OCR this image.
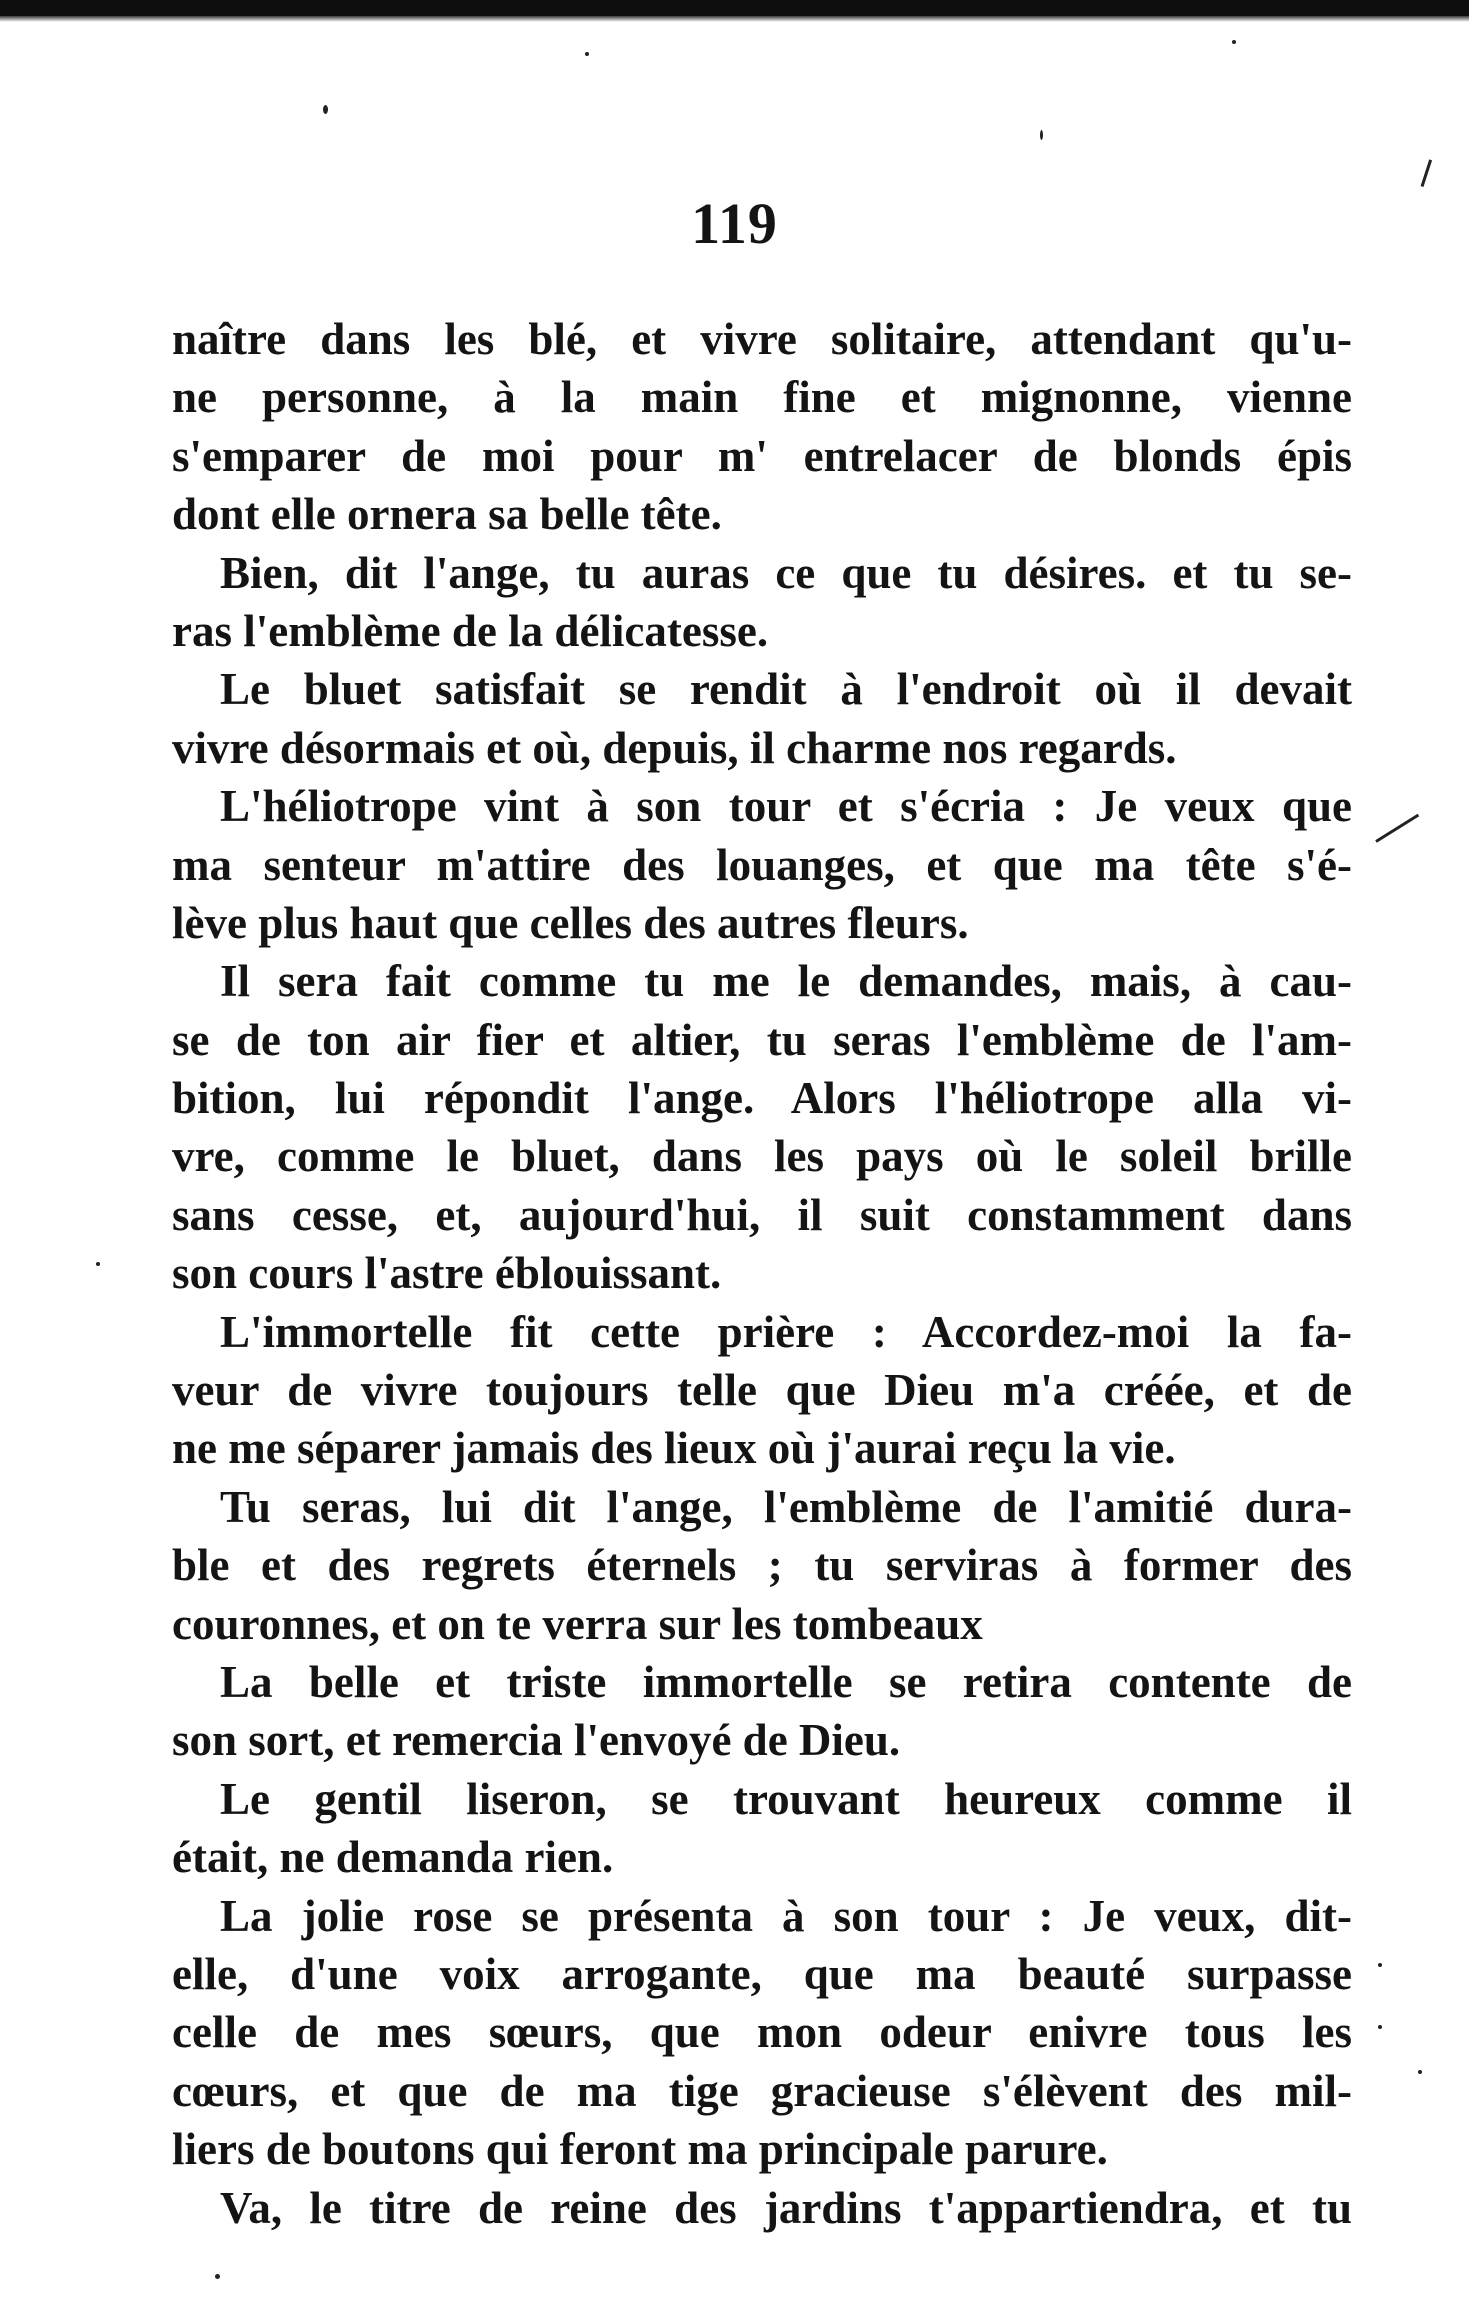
119
naître dans les blé, et vivre solitaire, attendant qu'u-
ne personne, à la main fine et mignonne, vienne
s'emparer de moi pour m' entrelacer de blonds épis
dont elle ornera sa belle tête.
Bien, dit l'ange, tu auras ce que tu désires. et tu se-
ras l'emblème de la délicatesse.
Le bluet satisfait se rendit à l'endroit où il devait
vivre désormais et où, depuis, il charme nos regards.
L'héliotrope vint à son tour et s'écria : Je veux que
ma senteur m'attire des louanges, et que ma tête s'é-
lève plus haut que celles des autres fleurs.
Il sera fait comme tu me le demandes, mais, à cau-
se de ton air fier et altier, tu seras l'emblème de l'am-
bition, lui répondit l'ange. Alors l'héliotrope alla vi-
vre, comme le bluet, dans les pays où le soleil brille
sans cesse, et, aujourd'hui, il suit constamment dans
son cours l'astre éblouissant.
L'immortelle fit cette prière : Accordez-moi la fa-
veur de vivre toujours telle que Dieu m'a créée, et de
ne me séparer jamais des lieux où j'aurai reçu la vie.
Tu seras, lui dit l'ange, l'emblème de l'amitié dura-
ble et des regrets éternels ; tu serviras à former des
couronnes, et on te verra sur les tombeaux
La belle et triste immortelle se retira contente de
son sort, et remercia l'envoyé de Dieu.
Le gentil liseron, se trouvant heureux comme il
était, ne demanda rien.
La jolie rose se présenta à son tour : Je veux, dit-
elle, d'une voix arrogante, que ma beauté surpasse
celle de mes sœurs, que mon odeur enivre tous les
cœurs, et que de ma tige gracieuse s'élèvent des mil-
liers de boutons qui feront ma principale parure.
Va, le titre de reine des jardins t'appartiendra, et tu
